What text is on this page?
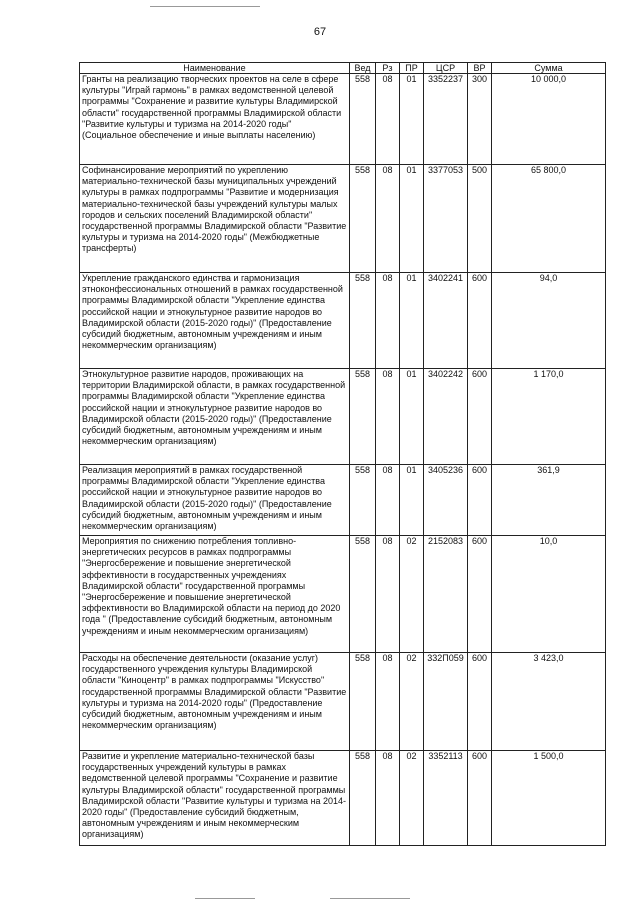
67
Наименование	Вед	Рз	ПР	ЦСР	ВР	Сумма
Гранты на реализацию творческих проектов на селе в сфере культуры "Играй гармонь" в рамках ведомственной целевой программы "Сохранение и развитие культуры Владимирской области" государственной программы Владимирской области "Развитие культуры и туризма на 2014-2020 годы" (Социальное обеспечение и иные выплаты населению)	558	08	01	3352237	300	10 000,0
Софинансирование мероприятий по укреплению материально-технической базы муниципальных учреждений культуры в рамках подпрограммы "Развитие и модернизация материально-технической базы учреждений культуры малых городов и сельских поселений Владимирской области" государственной программы Владимирской области "Развитие культуры и туризма на 2014-2020 годы" (Межбюджетные трансферты)	558	08	01	3377053	500	65 800,0
Укрепление гражданского единства и гармонизация этноконфессиональных отношений в рамках государственной программы Владимирской области "Укрепление единства российской нации и этнокультурное развитие народов во Владимирской области (2015-2020 годы)" (Предоставление субсидий бюджетным, автономным учреждениям и иным некоммерческим организациям)	558	08	01	3402241	600	94,0
Этнокультурное развитие народов, проживающих на территории Владимирской области, в рамках государственной программы Владимирской области "Укрепление единства российской нации и этнокультурное развитие народов во Владимирской области (2015-2020 годы)" (Предоставление субсидий бюджетным, автономным учреждениям и иным некоммерческим организациям)	558	08	01	3402242	600	1 170,0
Реализация мероприятий в рамках государственной программы Владимирской области "Укрепление единства российской нации и этнокультурное развитие народов во Владимирской области (2015-2020 годы)" (Предоставление субсидий бюджетным, автономным учреждениям и иным некоммерческим организациям)	558	08	01	3405236	600	361,9
Мероприятия по снижению потребления топливно-энергетических ресурсов в рамках подпрограммы "Энергосбережение и повышение энергетической эффективности в государственных учреждениях Владимирской области" государственной программы "Энергосбережение и повышение энергетической эффективности во Владимирской области на период до 2020 года " (Предоставление субсидий бюджетным, автономным учреждениям и иным некоммерческим организациям)	558	08	02	2152083	600	10,0
Расходы на обеспечение деятельности (оказание услуг) государственного учреждения культуры Владимирской области "Киноцентр" в рамках подпрограммы "Искусство" государственной программы Владимирской области "Развитие культуры и туризма на 2014-2020 годы" (Предоставление субсидий бюджетным, автономным учреждениям и иным некоммерческим организациям)	558	08	02	332П059	600	3 423,0
Развитие и укрепление материально-технической базы государственных учреждений культуры в рамках ведомственной целевой программы "Сохранение и развитие культуры Владимирской области" государственной программы Владимирской области "Развитие культуры и туризма на 2014-2020 годы" (Предоставление субсидий бюджетным, автономным учреждениям и иным некоммерческим организациям)	558	08	02	3352113	600	1 500,0
